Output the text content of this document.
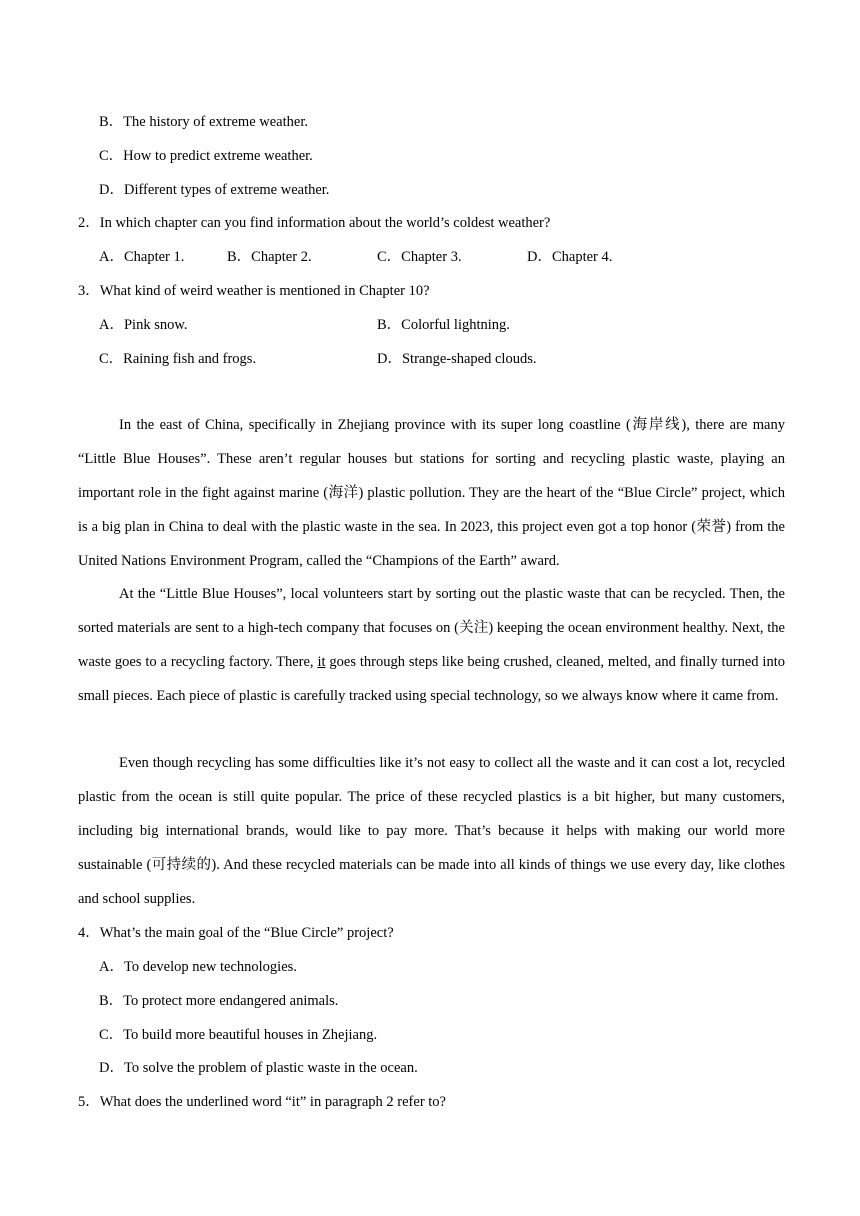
B．The history of extreme weather.
C．How to predict extreme weather.
D．Different types of extreme weather.
2．In which chapter can you find information about the world’s coldest weather?
A．Chapter 1.	B．Chapter 2.	C．Chapter 3.	D．Chapter 4.
3．What kind of weird weather is mentioned in Chapter 10?
A．Pink snow.	B．Colorful lightning.
C．Raining fish and frogs.	D．Strange-shaped clouds.

In the east of China, specifically in Zhejiang province with its super long coastline (海岸线), there are many “Little Blue Houses”. These aren’t regular houses but stations for sorting and recycling plastic waste, playing an important role in the fight against marine (海洋) plastic pollution. They are the heart of the “Blue Circle” project, which is a big plan in China to deal with the plastic waste in the sea. In 2023, this project even got a top honor (荣誉) from the United Nations Environment Program, called the “Champions of the Earth” award.

At the “Little Blue Houses”, local volunteers start by sorting out the plastic waste that can be recycled. Then, the sorted materials are sent to a high-tech company that focuses on (关注) keeping the ocean environment healthy. Next, the waste goes to a recycling factory. There, it goes through steps like being crushed, cleaned, melted, and finally turned into small pieces. Each piece of plastic is carefully tracked using special technology, so we always know where it came from.

Even though recycling has some difficulties like it’s not easy to collect all the waste and it can cost a lot, recycled plastic from the ocean is still quite popular. The price of these recycled plastics is a bit higher, but many customers, including big international brands, would like to pay more. That’s because it helps with making our world more sustainable (可持续的). And these recycled materials can be made into all kinds of things we use every day, like clothes and school supplies.

4．What’s the main goal of the “Blue Circle” project?
A．To develop new technologies.
B．To protect more endangered animals.
C．To build more beautiful houses in Zhejiang.
D．To solve the problem of plastic waste in the ocean.
5．What does the underlined word “it” in paragraph 2 refer to?
